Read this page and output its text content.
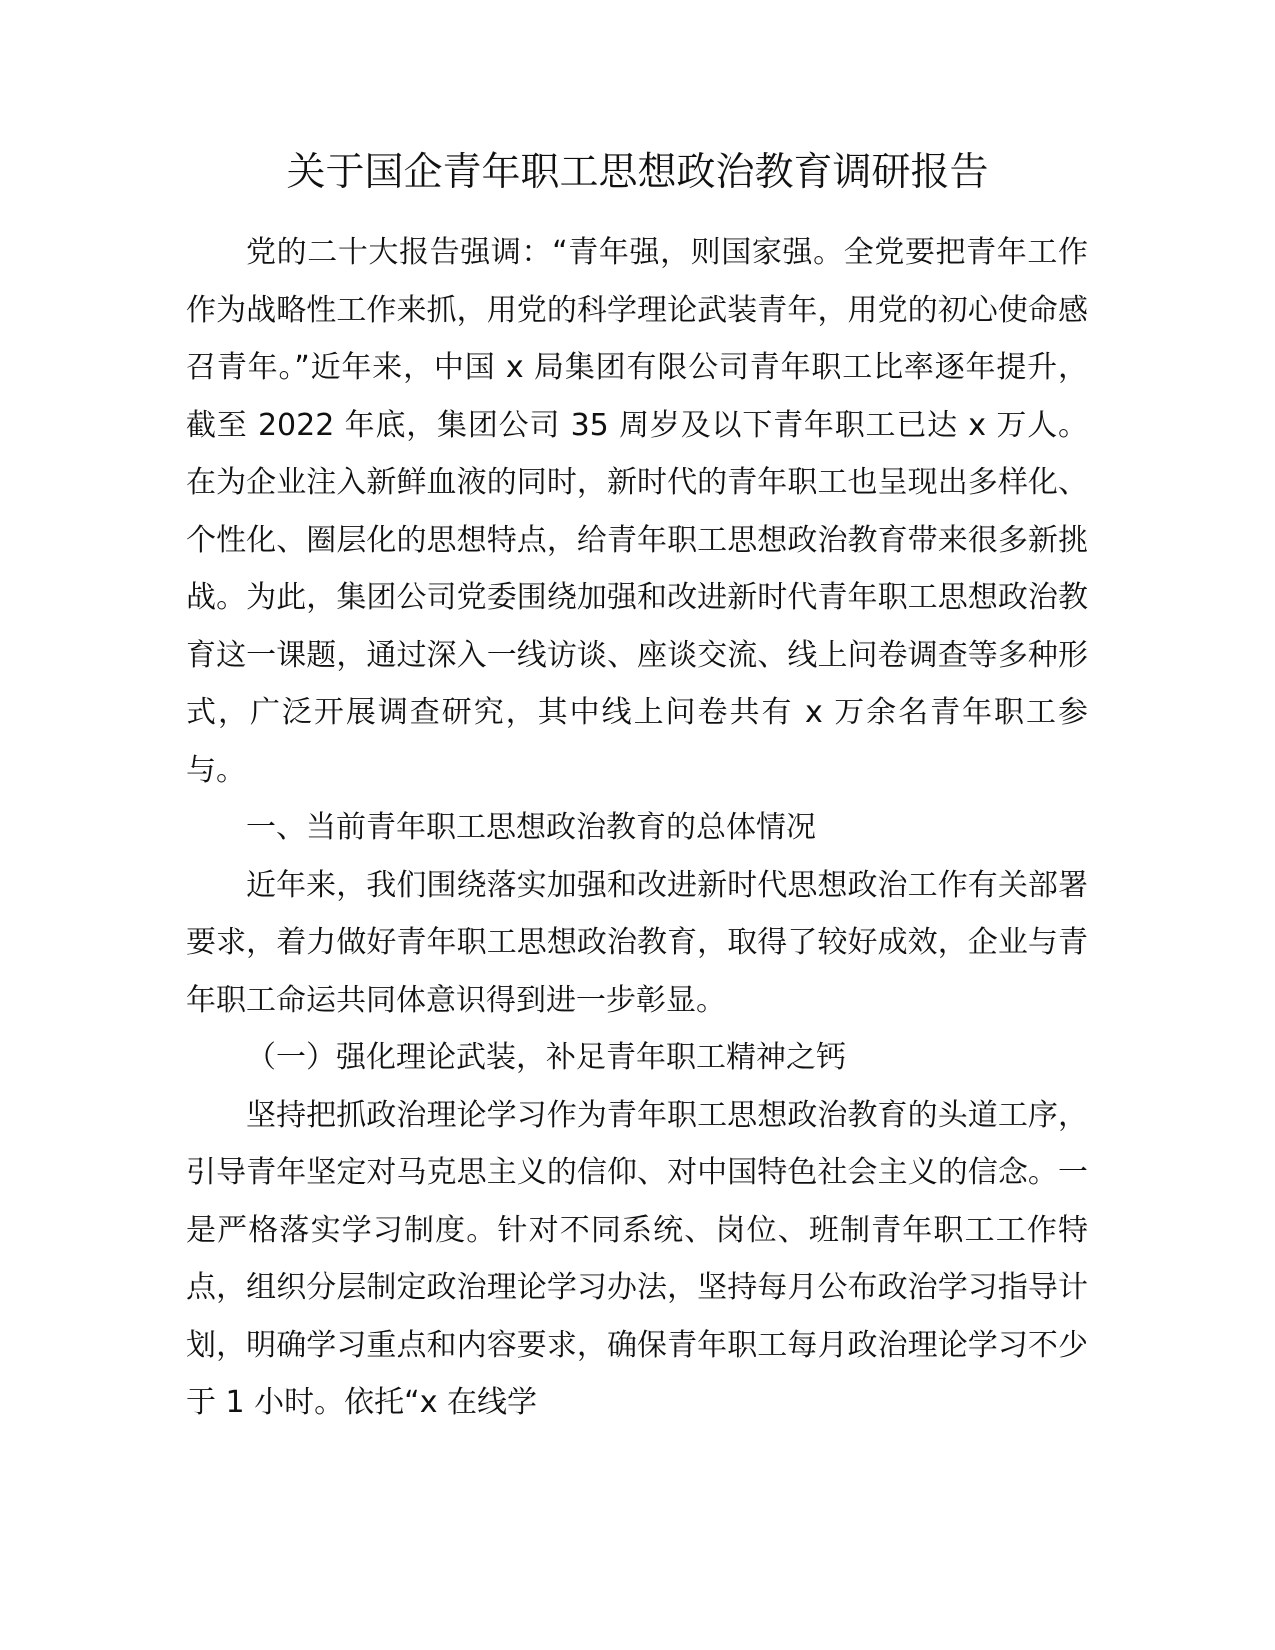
关于国企青年职工思想政治教育调研报告

党的二十大报告强调：“青年强，则国家强。全党要把青年工作作为战略性工作来抓，用党的科学理论武装青年，用党的初心使命感召青年。”近年来，中国 x 局集团有限公司青年职工比率逐年提升，截至 2022 年底，集团公司 35 周岁及以下青年职工已达 x 万人。在为企业注入新鲜血液的同时，新时代的青年职工也呈现出多样化、个性化、圈层化的思想特点，给青年职工思想政治教育带来很多新挑战。为此，集团公司党委围绕加强和改进新时代青年职工思想政治教育这一课题，通过深入一线访谈、座谈交流、线上问卷调查等多种形式，广泛开展调查研究，其中线上问卷共有 x 万余名青年职工参与。

一、当前青年职工思想政治教育的总体情况

近年来，我们围绕落实加强和改进新时代思想政治工作有关部署要求，着力做好青年职工思想政治教育，取得了较好成效，企业与青年职工命运共同体意识得到进一步彰显。

（一）强化理论武装，补足青年职工精神之钙

坚持把抓政治理论学习作为青年职工思想政治教育的头道工序，引导青年坚定对马克思主义的信仰、对中国特色社会主义的信念。一是严格落实学习制度。针对不同系统、岗位、班制青年职工工作特点，组织分层制定政治理论学习办法，坚持每月公布政治学习指导计划，明确学习重点和内容要求，确保青年职工每月政治理论学习不少于 1 小时。依托“x 在线学
